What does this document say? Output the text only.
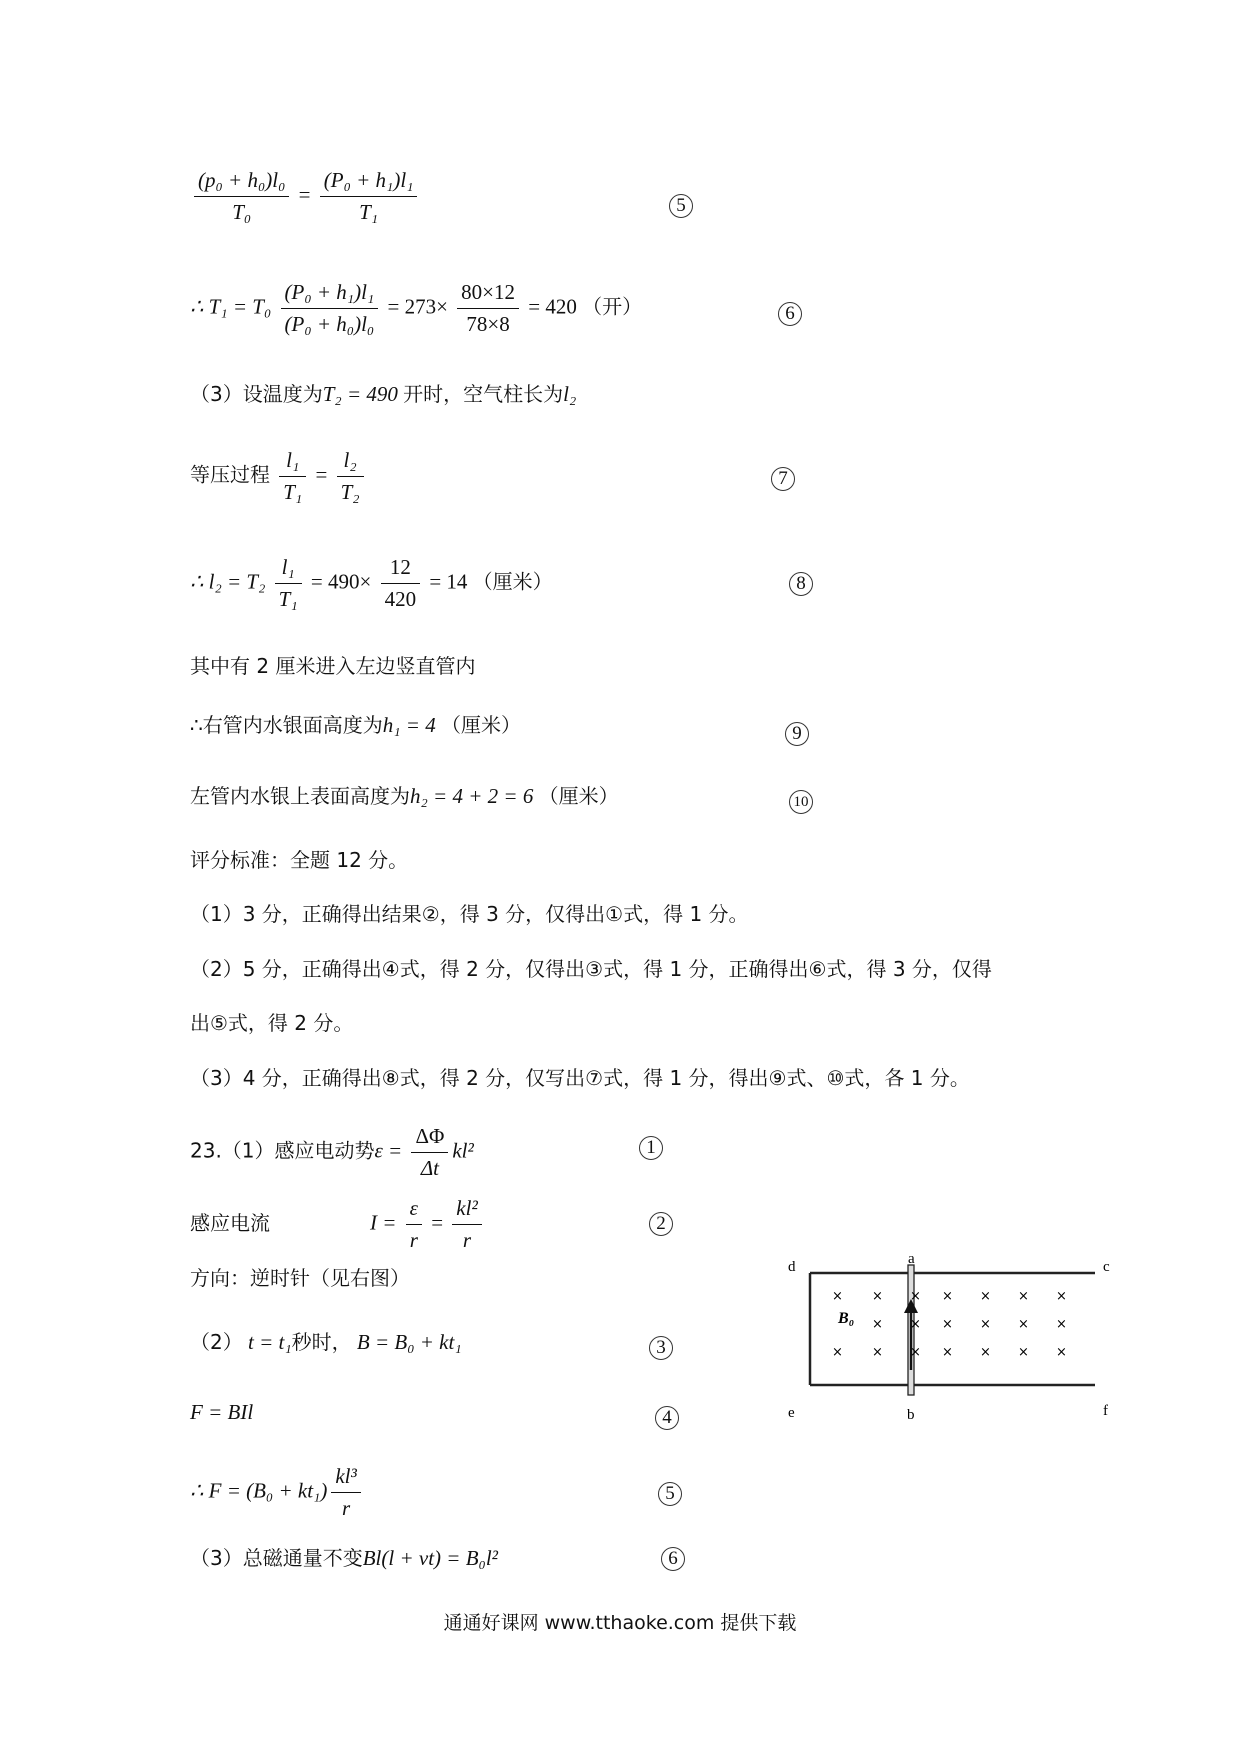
$\frac{\text{(p₀ + h₀)l₀}}{\text{T₀}} = \frac{\text{(P₀ + h₁)l₁}}{\text{T₁}}$	5
∴ $T_1 = T_0 \frac{\text{(P₀ + h₁)l₁}}{\text{(P₀ + h₀)l₀}} = 273\times \frac{80\times 12}{78\times 8} = 420$ （开）	6
（3）设温度为T₂ = 490 开时，空气柱长为l₂
等压过程 $\frac{\text{l₁}}{\text{T₁}} = \frac{\text{l₂}}{\text{T₂}}$	7
∴ $l_2 = T_2 \frac{\text{l₁}}{\text{T₁}} = 490\times \frac{12}{420} = 14$ （厘米）	8
其中有 2 厘米进入左边竖直管内
∴右管内水银面高度为h₁ = 4 （厘米）	9
左管内水银上表面高度为h₂ = 4 + 2 = 6 （厘米）	10
评分标准：全题 12 分。
（1）3 分，正确得出结果②，得 3 分，仅得出①式，得 1 分。
（2）5 分，正确得出④式，得 2 分，仅得出③式，得 1 分，正确得出⑥式，得 3 分，仅得
出⑤式，得 2 分。
（3）4 分，正确得出⑧式，得 2 分，仅写出⑦式，得 1 分，得出⑨式、⑩式，各 1 分。
23.（1）感应电动势$\varepsilon = \frac{\Delta\Phi}{\Delta t} kl^2$	1
感应电流	$I = \frac{\varepsilon}{r} = \frac{\text{kl²}}{r}$	2
方向：逆时针（见右图）
（2） t = t₁秒时， B = B₀ + kt₁	3
F = BIl	4
∴ $F = (B_0 + kt_1) \frac{\text{kl³}}{r}$	5
（3）总磁通量不变Bl(l + vt) = B₀l²	6
×
×
×
×
×
×
×
×
×
×
×
×
×
×
×
×
×
×
×
×
d	c
a
e	b	f
B₀
通通好课网 www.tthaoke.com 提供下载
